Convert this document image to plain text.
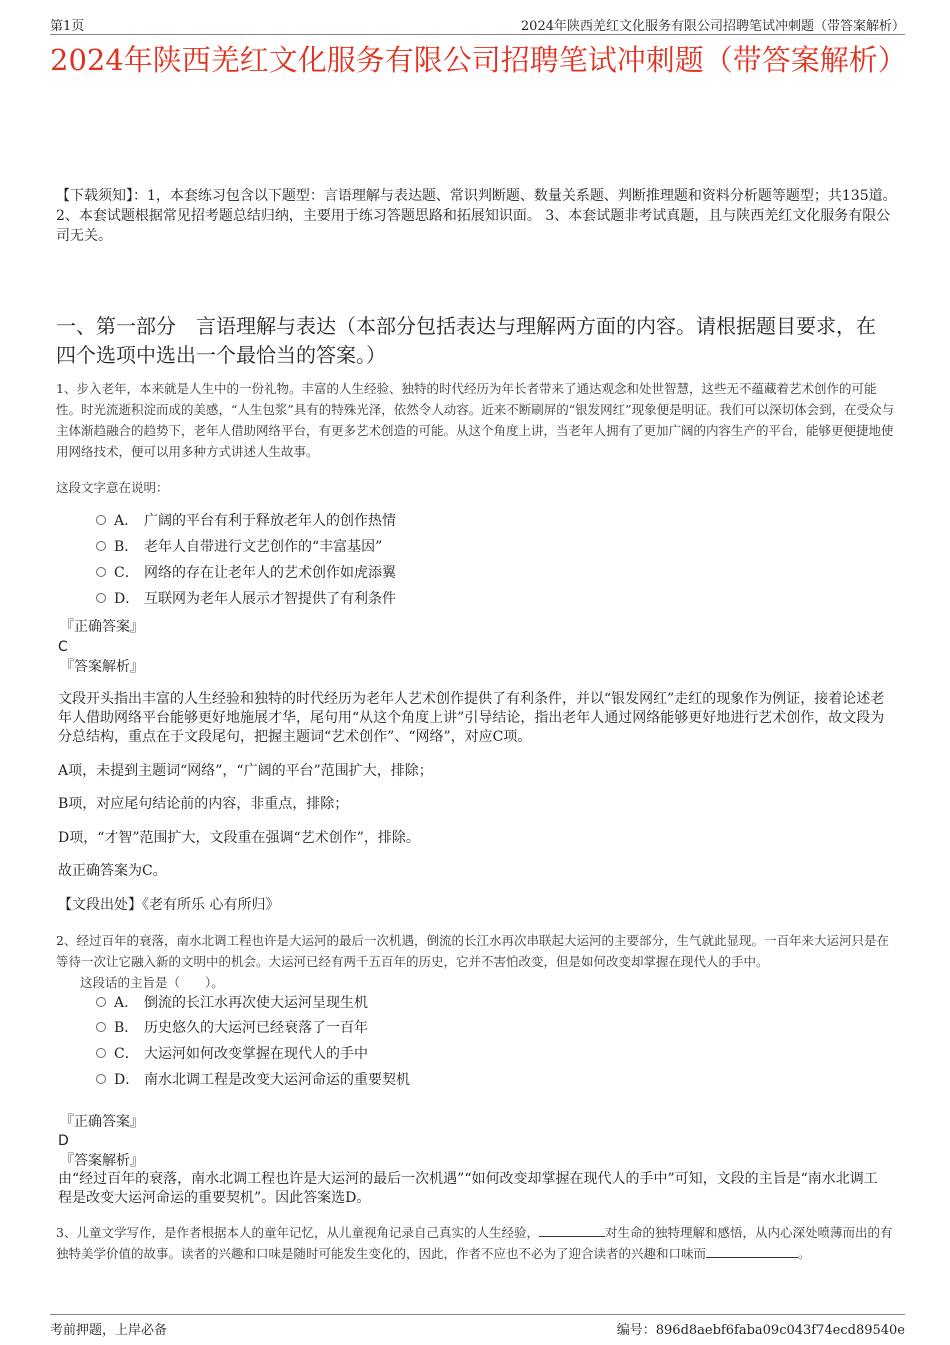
第1页	2024年陕西羌红文化服务有限公司招聘笔试冲刺题（带答案解析）
2024年陕西羌红文化服务有限公司招聘笔试冲刺题（带答案解析）
【下载须知】：1，本套练习包含以下题型：言语理解与表达题、常识判断题、数量关系题、判断推理题和资料分析题等题型；共135道。 2、本套试题根据常见招考题总结归纳，主要用于练习答题思路和拓展知识面。 3、本套试题非考试真题，且与陕西羌红文化服务有限公司无关。
一、第一部分　言语理解与表达（本部分包括表达与理解两方面的内容。请根据题目要求，在四个选项中选出一个最恰当的答案。）
1、步入老年，本来就是人生中的一份礼物。丰富的人生经验、独特的时代经历为年长者带来了通达观念和处世智慧，这些无不蕴藏着艺术创作的可能性。时光流逝积淀而成的美感，“人生包浆”具有的特殊光泽，依然令人动容。近来不断刷屏的“银发网红”现象便是明证。我们可以深切体会到，在受众与主体渐趋融合的趋势下，老年人借助网络平台，有更多艺术创造的可能。从这个角度上讲，当老年人拥有了更加广阔的内容生产的平台，能够更便捷地使用网络技术，便可以用多种方式讲述人生故事。
这段文字意在说明：
A． 广阔的平台有利于释放老年人的创作热情
B． 老年人自带进行文艺创作的“丰富基因”
C． 网络的存在让老年人的艺术创作如虎添翼
D． 互联网为老年人展示才智提供了有利条件
『正确答案』
C
『答案解析』
文段开头指出丰富的人生经验和独特的时代经历为老年人艺术创作提供了有利条件，并以“银发网红”走红的现象作为例证，接着论述老年人借助网络平台能够更好地施展才华，尾句用“从这个角度上讲”引导结论，指出老年人通过网络能够更好地进行艺术创作，故文段为分总结构，重点在于文段尾句，把握主题词“艺术创作”、“网络”，对应C项。
A项，未提到主题词“网络”，“广阔的平台”范围扩大，排除；
B项，对应尾句结论前的内容，非重点，排除；
D项，“才智”范围扩大，文段重在强调“艺术创作”，排除。
故正确答案为C。
【文段出处】《老有所乐 心有所归》
2、经过百年的衰落，南水北调工程也许是大运河的最后一次机遇，倒流的长江水再次串联起大运河的主要部分，生气就此显现。一百年来大运河只是在等待一次让它融入新的文明中的机会。大运河已经有两千五百年的历史，它并不害怕改变，但是如何改变却掌握在现代人的手中。
这段话的主旨是（　　）。
A． 倒流的长江水再次使大运河呈现生机
B． 历史悠久的大运河已经衰落了一百年
C． 大运河如何改变掌握在现代人的手中
D． 南水北调工程是改变大运河命运的重要契机
『正确答案』
D
『答案解析』
由“经过百年的衰落，南水北调工程也许是大运河的最后一次机遇”“如何改变却掌握在现代人的手中”可知，文段的主旨是“南水北调工程是改变大运河命运的重要契机”。因此答案选D。
3、儿童文学写作，是作者根据本人的童年记忆，从儿童视角记录自己真实的人生经验，	对生命的独特理解和感悟，从内心深处喷薄而出的有独特美学价值的故事。读者的兴趣和口味是随时可能发生变化的，因此，作者不应也不必为了迎合读者的兴趣和口味而	。
考前押题，上岸必备	编号：896d8aebf6faba09c043f74ecd89540e
